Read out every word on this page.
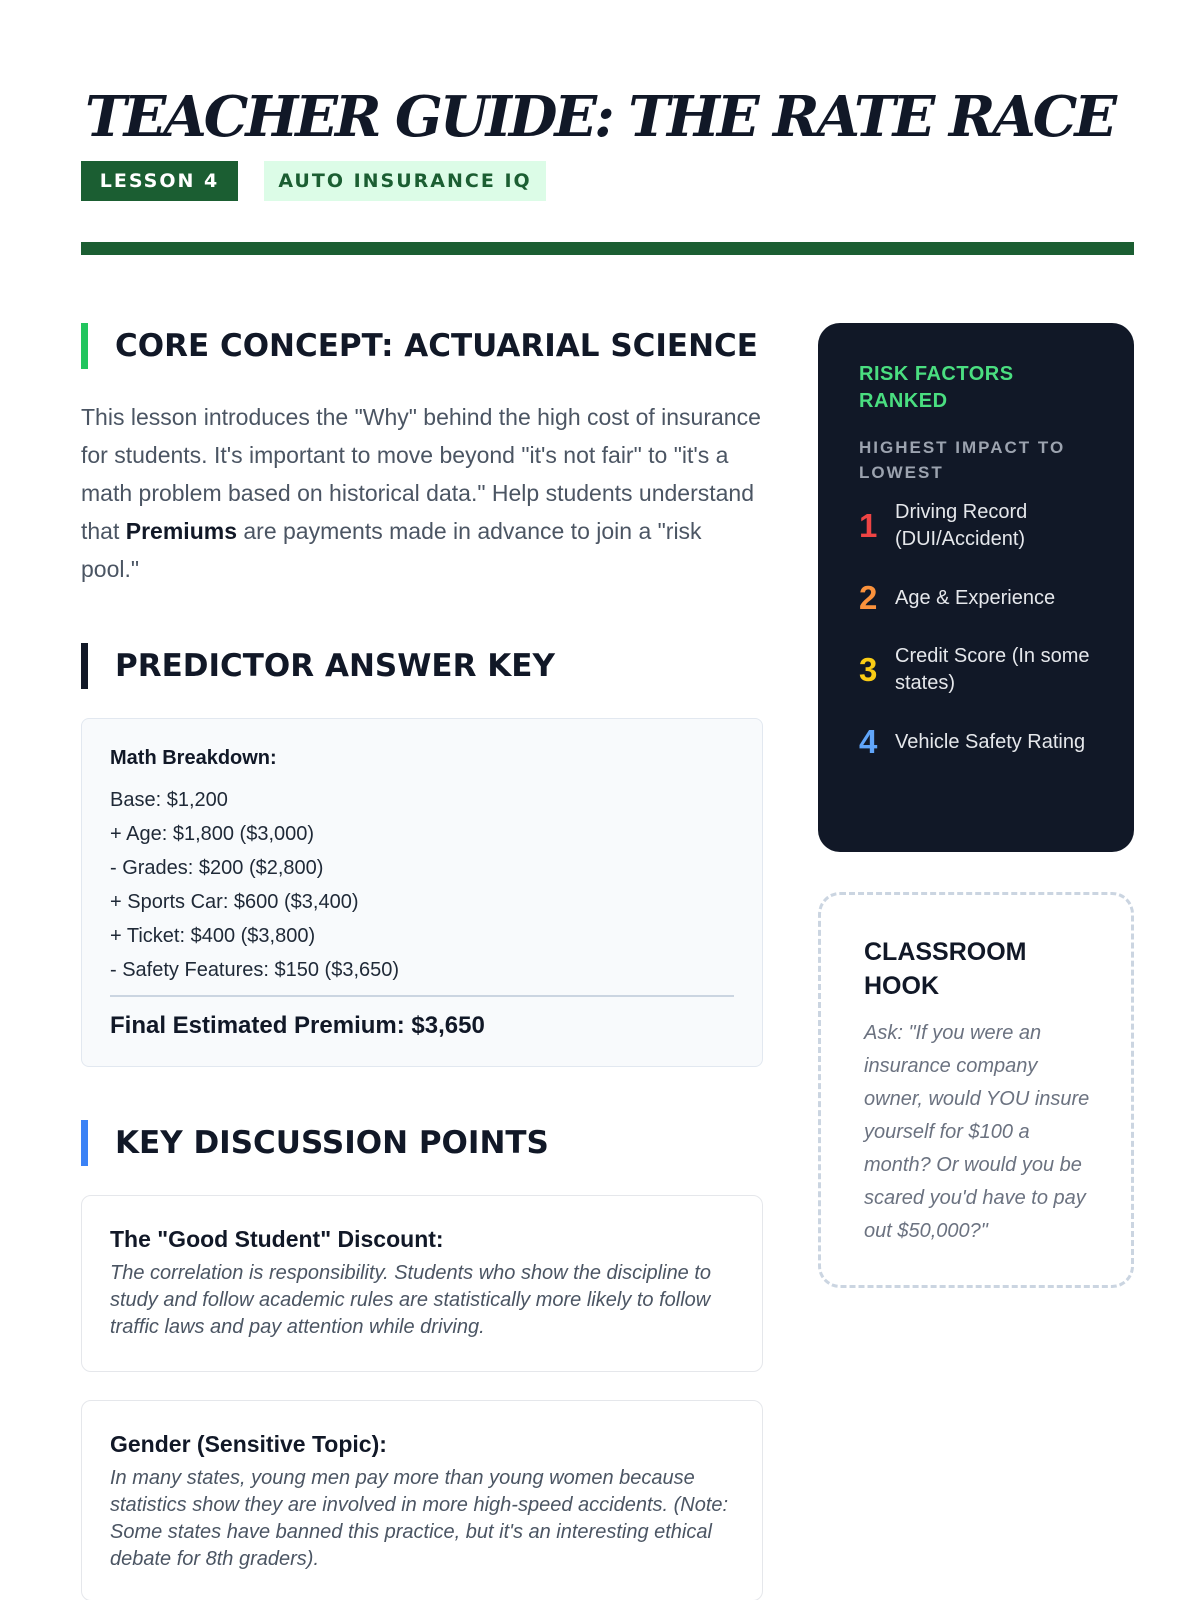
TEACHER GUIDE: THE RATE RACE
LESSON 4	AUTO INSURANCE IQ
CORE CONCEPT: ACTUARIAL SCIENCE

This lesson introduces the "Why" behind the high cost of insurance for students. It's important to move beyond "it's not fair" to "it's a math problem based on historical data." Help students understand that Premiums are payments made in advance to join a "risk pool."

PREDICTOR ANSWER KEY
Math Breakdown:
Base: $1,200
+ Age: $1,800 ($3,000)
- Grades: $200 ($2,800)
+ Sports Car: $600 ($3,400)
+ Ticket: $400 ($3,800)
- Safety Features: $150 ($3,650)
Final Estimated Premium: $3,650
KEY DISCUSSION POINTS
The "Good Student" Discount:
The correlation is responsibility. Students who show the discipline to study and follow academic rules are statistically more likely to follow traffic laws and pay attention while driving.
Gender (Sensitive Topic):
In many states, young men pay more than young women because statistics show they are involved in more high-speed accidents. (Note: Some states have banned this practice, but it's an interesting ethical debate for 8th graders).
RISK FACTORS RANKED
HIGHEST IMPACT TO LOWEST
1 Driving Record (DUI/Accident)
2 Age & Experience
3 Credit Score (In some states)
4 Vehicle Safety Rating
CLASSROOM HOOK
Ask: "If you were an insurance company owner, would YOU insure yourself for $100 a month? Or would you be scared you'd have to pay out $50,000?"
